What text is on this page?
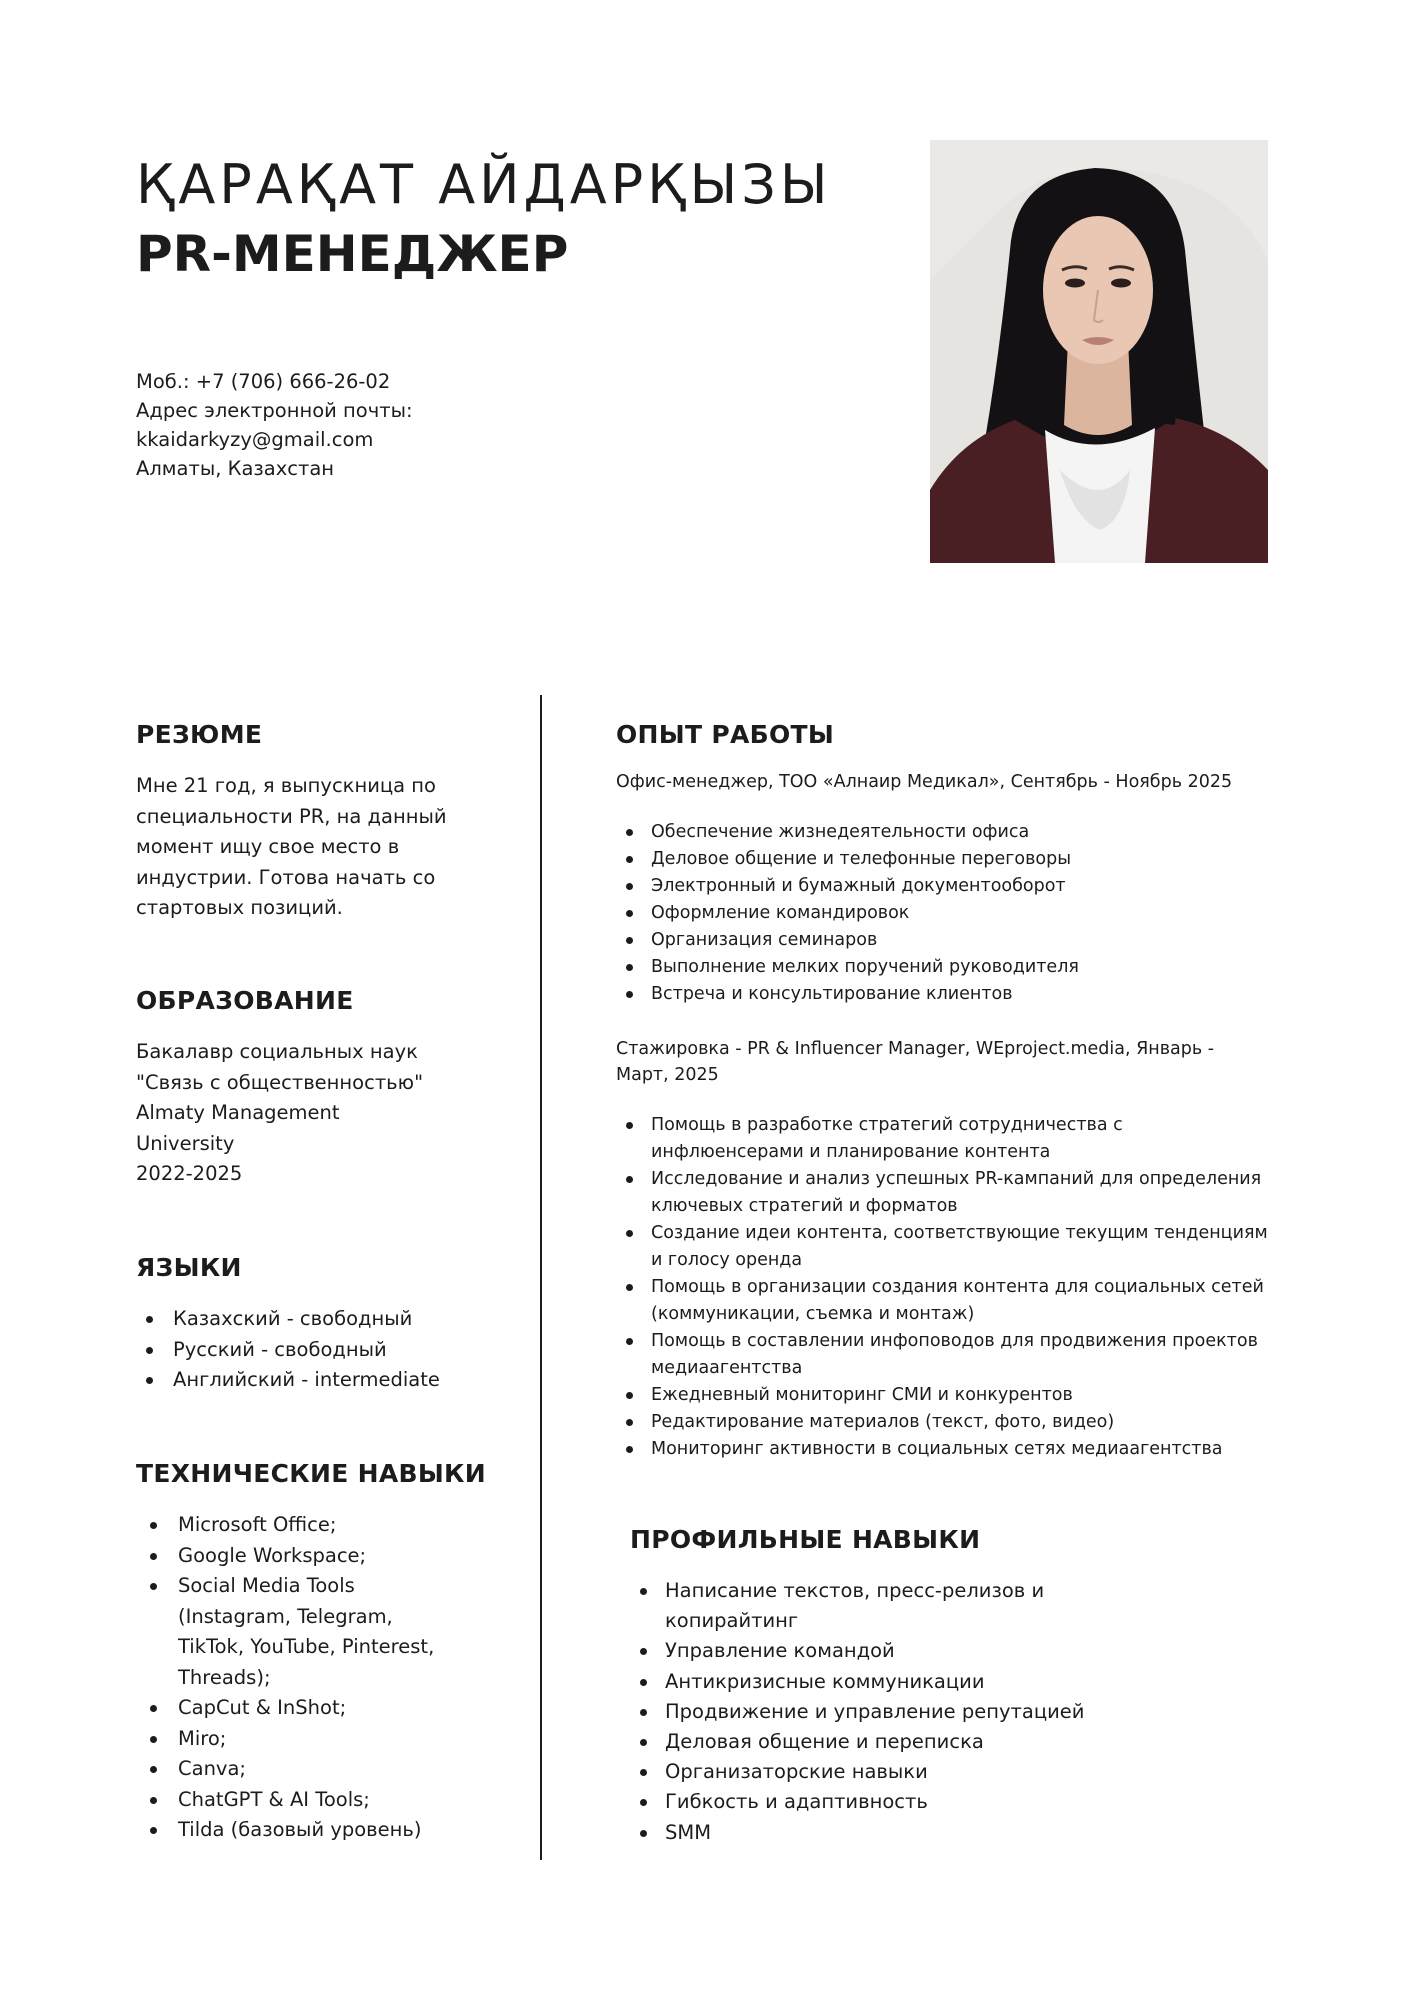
ҚАРАҚАТ АЙДАРҚЫЗЫ
PR-МЕНЕДЖЕР
Моб.: +7 (706) 666-26-02
Адрес электронной почты:
kkaidarkyzy@gmail.com
Алматы, Казахстан
РЕЗЮМЕ
Мне 21 год, я выпускница по
специальности PR, на данный
момент ищу свое место в
индустрии. Готова начать со
стартовых позиций.
ОБРАЗОВАНИЕ
Бакалавр социальных наук
"Связь с общественностью"
Almaty Management
University
2022-2025
ЯЗЫКИ
Казахский - свободный
Русский - свободный
Английский - intermediate
ТЕХНИЧЕСКИЕ НАВЫКИ
Microsoft Office;
Google Workspace;
Social Media Tools
(Instagram, Telegram,
TikTok, YouTube, Pinterest,
Threads);
CapCut & InShot;
Miro;
Canva;
ChatGPT & AI Tools;
Tilda (базовый уровень)
ОПЫТ РАБОТЫ

Офис-менеджер, ТОО «Алнаир Медикал», Сентябрь - Ноябрь 2025

Обеспечение жизнедеятельности офиса
Деловое общение и телефонные переговоры
Электронный и бумажный документооборот
Оформление командировок
Организация семинаров
Выполнение мелких поручений руководителя
Встреча и консультирование клиентов
Стажировка - PR & Influencer Manager, WEproject.media, Январь -
Март, 2025
Помощь в разработке стратегий сотрудничества с
инфлюенсерами и планирование контента
Исследование и анализ успешных PR-кампаний для определения
ключевых стратегий и форматов
Создание идеи контента, соответствующие текущим тенденциям
и голосу оренда
Помощь в организации создания контента для социальных сетей
(коммуникации, съемка и монтаж)
Помощь в составлении инфоповодов для продвижения проектов
медиаагентства
Ежедневный мониторинг СМИ и конкурентов
Редактирование материалов (текст, фото, видео)
Мониторинг активности в социальных сетях медиаагентства
ПРОФИЛЬНЫЕ НАВЫКИ
Написание текстов, пресс-релизов и
копирайтинг
Управление командой
Антикризисные коммуникации
Продвижение и управление репутацией
Деловая общение и переписка
Организаторские навыки
Гибкость и адаптивность
SMM
